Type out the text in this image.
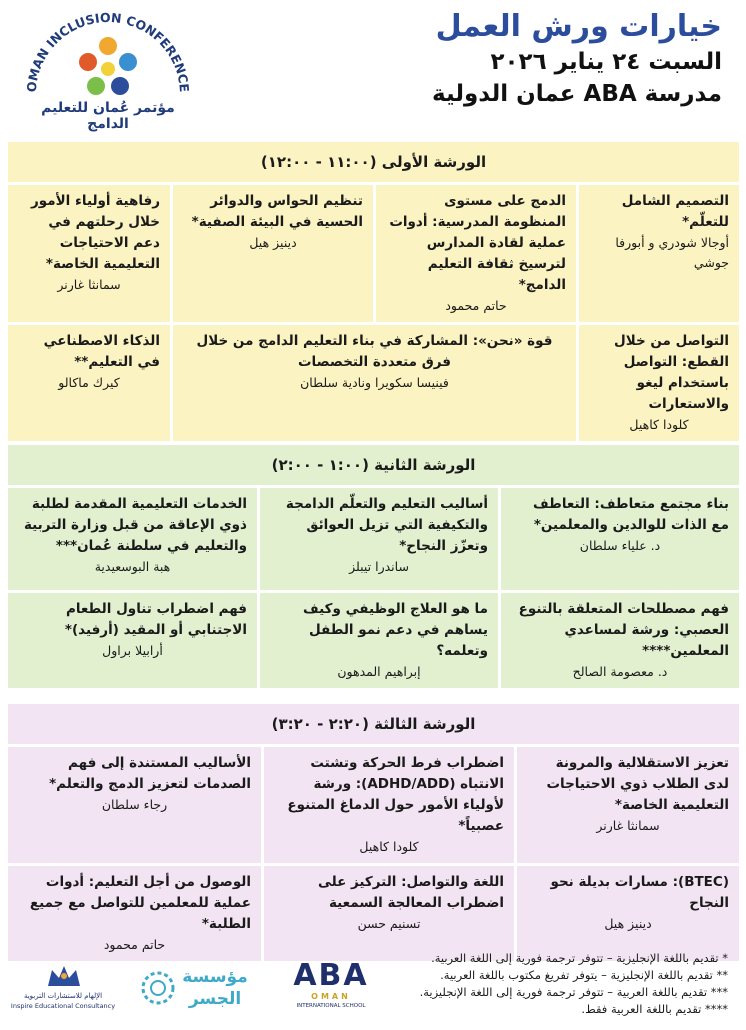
OMAN INCLUSION CONFERENCE
مؤتمر عُمان للتعليم الدامج
خيارات ورش العمل
السبت ٢٤ يناير ٢٠٢٦
مدرسة ABA عمان الدولية
الورشة الأولى (١١:٠٠ - ١٢:٠٠)
التصميم الشامل للتعلّم*
أوجالا شودري و أبورفا جوشي
الدمج على مستوى المنظومة المدرسية: أدوات عملية لقادة المدارس لترسيخ ثقافة التعليم الدامج*
حاتم محمود
تنظيم الحواس والدوائر الحسية في البيئة الصفية*
دينيز هيل
رفاهية أولياء الأمور خلال رحلتهم في دعم الاحتياجات التعليمية الخاصة*
سمانثا غارنر
التواصل من خلال القطع: التواصل باستخدام ليغو والاستعارات
كلودا كاهيل
قوة «نحن»: المشاركة في بناء التعليم الدامج من خلال فرق متعددة التخصصات
فينيسا سكويرا ونادية سلطان
الذكاء الاصطناعي في التعليم**
كيرك ماكالو
الورشة الثانية (١:٠٠ - ٢:٠٠)
بناء مجتمع متعاطف: التعاطف مع الذات للوالدين والمعلمين*
د. علياء سلطان
أساليب التعليم والتعلّم الدامجة والتكيفية التي تزيل العوائق وتعزّز النجاح*
ساندرا تيبلز
الخدمات التعليمية المقدمة لطلبة ذوي الإعاقة من قبل وزارة التربية والتعليم في سلطنة عُمان***
هبة البوسعيدية
فهم مصطلحات المتعلقة بالتنوع العصبي: ورشة لمساعدي المعلمين****
د. معصومة الصالح
ما هو العلاج الوظيفي وكيف يساهم في دعم نمو الطفل وتعلمه؟
إبراهيم المدهون
فهم اضطراب تناول الطعام الاجتنابي أو المقيد (أرفيد)*
أرابيلا براول
الورشة الثالثة (٢:٢٠ - ٣:٢٠)
تعزيز الاستقلالية والمرونة لدى الطلاب ذوي الاحتياجات التعليمية الخاصة*
سمانثا غارنر
اضطراب فرط الحركة وتشتت الانتباه (ADHD/ADD): ورشة لأولياء الأمور حول الدماغ المتنوع عصبياً*
كلودا كاهيل
الأساليب المستندة إلى فهم الصدمات لتعزيز الدمج والتعلم*
رجاء سلطان
(BTEC): مسارات بديلة نحو النجاح
دينيز هيل
اللغة والتواصل: التركيز على اضطراب المعالجة السمعية
تسنيم حسن
الوصول من أجل التعليم: أدوات عملية للمعلمين للتواصل مع جميع الطلبة*
حاتم محمود
* تقديم باللغة الإنجليزية – تتوفر ترجمة فورية إلى اللغة العربية.
** تقديم باللغة الإنجليزية – يتوفر تفريغ مكتوب باللغة العربية.
*** تقديم باللغة العربية – تتوفر ترجمة فورية إلى اللغة الإنجليزية.
**** تقديم باللغة العربية فقط.
ABA
OMAN
INTERNATIONAL SCHOOL
مؤسسة الجسر
الإلهام للاستشارات التربوية
Inspire Educational Consultancy
